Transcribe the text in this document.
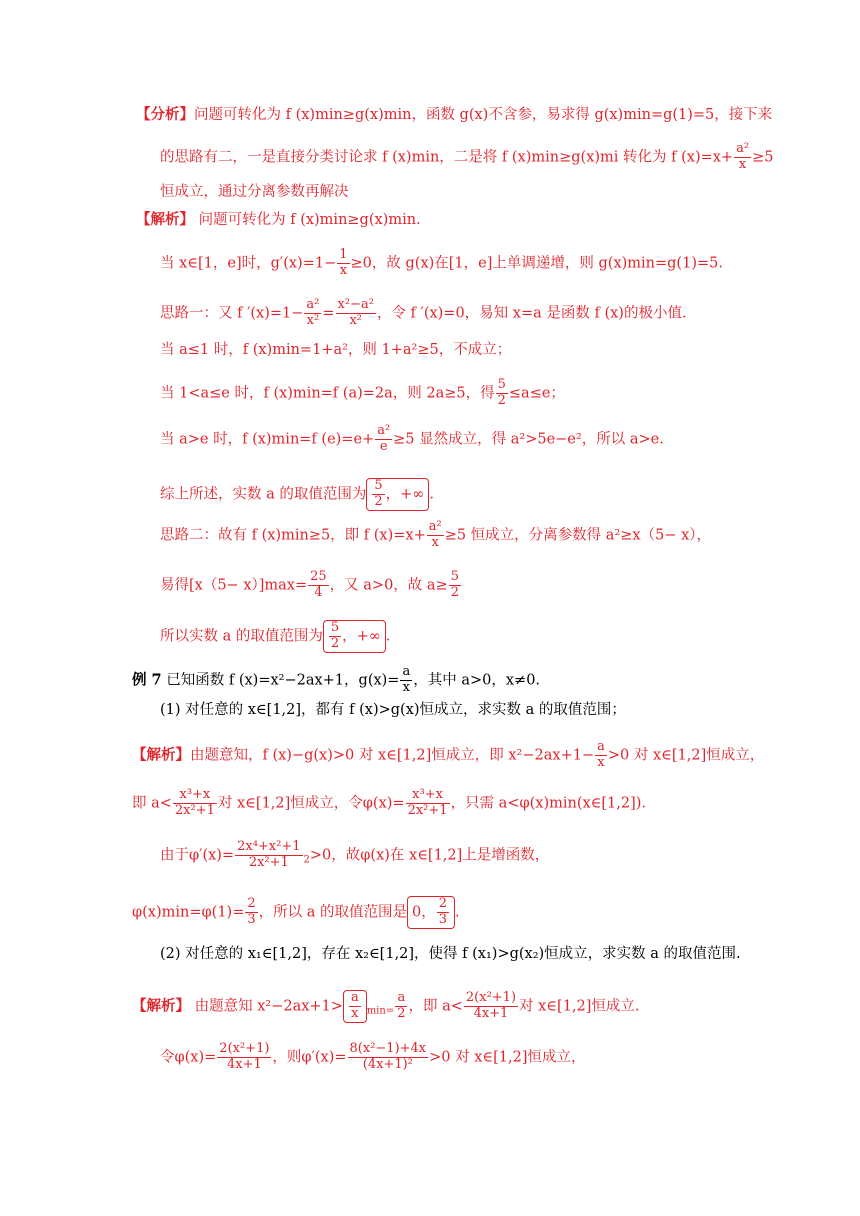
【分析】问题可转化为 f (x)min≥g(x)min，函数 g(x)不含参，易求得 g(x)min=g(1)=5，接下来
的思路有二，一是直接分类讨论求 f (x)min，二是将 f (x)min≥g(x)mi 转化为 f $(x)=x+ \frac{\text{a²}}{x} \ge 5$
恒成立，通过分离参数再解决
【解析】 问题可转化为 f (x)min≥g(x)min.
当 x∈[1，e]时，$g'(x)=1- \frac{1}{x} \ge 0$，故 g(x)在[1，e]上单调递增，则 g(x)min=g(1)=5.
思路一：又 f $'(x)=1- \frac{\text{a²}}{\text{x²}} = \frac{\text{x²−a²}}{\text{x²}}$ ，令 f ′(x)=0，易知 x=a 是函数 f (x)的极小值.
当 a≤1 时，f (x)min=1+a²，则 1+a²≥5，不成立；
当 1<a≤e 时，f (x)min=f (a)=2a，则 2a≥5，得 $\frac{5}{2} \le a\le e$；
当 a>e 时，f (x)min=f $(e)=e+ \frac{\text{a²}}{e} \ge 5$ 显然成立，得 a²>5e−e²，所以 a>e.
综上所述，实数 a 的取值范围为 $\frac{5}{2}$ ，+∞ .
思路二：故有 f (x)min≥5，即 f $(x)=x+ \frac{\text{a²}}{x} \ge 5$ 恒成立，分离参数得 a²≥x（5− x），
易得$[x(5- x)]\max= \frac{25}{4}$ ，又 a>0，故 $a\ge \frac{5}{2}$
所以实数 a 的取值范围为 $\frac{5}{2}$ ，+∞ .
例 7 已知函数 f (x)=x²−2ax+1，$g(x)= \frac{a}{x}$ ，其中 a>0，x≠0.
(1) 对任意的 x∈[1,2]，都有 f (x)>g(x)恒成立，求实数 a 的取值范围；
【解析】由题意知，f (x)−g(x)>0 对 x∈[1,2]恒成立，即 $x^2-2ax+1- \frac{a}{x} >0$ 对 x∈[1,2]恒成立，
即 $a< \frac{\text{x³+x}}{\text{2x²+1}}$ 对 x∈[1,2]恒成立，令$\varphi(x)= \frac{\text{x³+x}}{\text{2x²+1}}$ ，只需 a<φ(x)min(x∈[1,2]).
由于$\varphi'(x)= \frac{\text{2x⁴+x²+1}}{\text{2x²+1}} _2>0$，故φ(x)在 x∈[1,2]上是增函数，
$\varphi(x)\min=\varphi(1)= \frac{2}{3}$ ，所以 a 的取值范围是 0， $\frac{2}{3}$ .
(2) 对任意的 x₁∈[1,2]，存在 x₂∈[1,2]，使得 f (x₁)>g(x₂)恒成立，求实数 a 的取值范围.
【解析】 由题意知 $x^2-2ax+1> \frac{a}{x} _{min=} \frac{a}{2}$ ，即 $a< \frac{\text{2(x²+1)}}{4x+1}$ 对 x∈[1,2]恒成立.
令$\varphi(x)= \frac{\text{2(x²+1)}}{4x+1}$ ，则$\varphi'(x)= \frac{\text{8(x²−1)+4x}}{\text{(4x+1)²}} >0$ 对 x∈[1,2]恒成立，
